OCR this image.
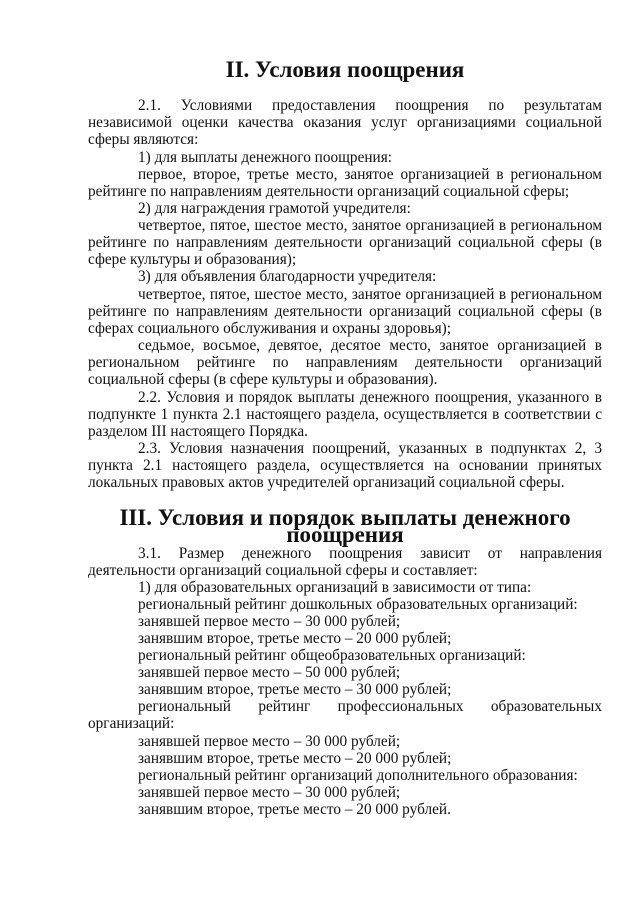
II. Условия поощрения

2.1. Условиями предоставления поощрения по результатам независимой оценки качества оказания услуг организациями социальной сферы являются:

1) для выплаты денежного поощрения:

первое, второе, третье место, занятое организацией в региональном рейтинге по направлениям деятельности организаций социальной сферы;

2) для награждения грамотой учредителя:

четвертое, пятое, шестое место, занятое организацией в региональном рейтинге по направлениям деятельности организаций социальной сферы (в сфере культуры и образования);

3) для объявления благодарности учредителя:

четвертое, пятое, шестое место, занятое организацией в региональном рейтинге по направлениям деятельности организаций социальной сферы (в сферах социального обслуживания и охраны здоровья);

седьмое, восьмое, девятое, десятое место, занятое организацией в региональном рейтинге по направлениям деятельности организаций социальной сферы (в сфере культуры и образования).

2.2. Условия и порядок выплаты денежного поощрения, указанного в подпункте 1 пункта 2.1 настоящего раздела, осуществляется в соответствии с разделом III настоящего Порядка.

2.3. Условия назначения поощрений, указанных в подпунктах 2, 3 пункта 2.1 настоящего раздела, осуществляется на основании принятых локальных правовых актов учредителей организаций социальной сферы.

III. Условия и порядок выплаты денежного поощрения

3.1. Размер денежного поощрения зависит от направления деятельности организаций социальной сферы и составляет:

1) для образовательных организаций в зависимости от типа:

региональный рейтинг дошкольных образовательных организаций:

занявшей первое место – 30 000 рублей;

занявшим второе, третье место – 20 000 рублей;

региональный рейтинг общеобразовательных организаций:

занявшей первое место – 50 000 рублей;

занявшим второе, третье место – 30 000 рублей;

региональный рейтинг профессиональных образовательных организаций:

занявшей первое место – 30 000 рублей;

занявшим второе, третье место – 20 000 рублей;

региональный рейтинг организаций дополнительного образования:

занявшей первое место – 30 000 рублей;

занявшим второе, третье место – 20 000 рублей.
